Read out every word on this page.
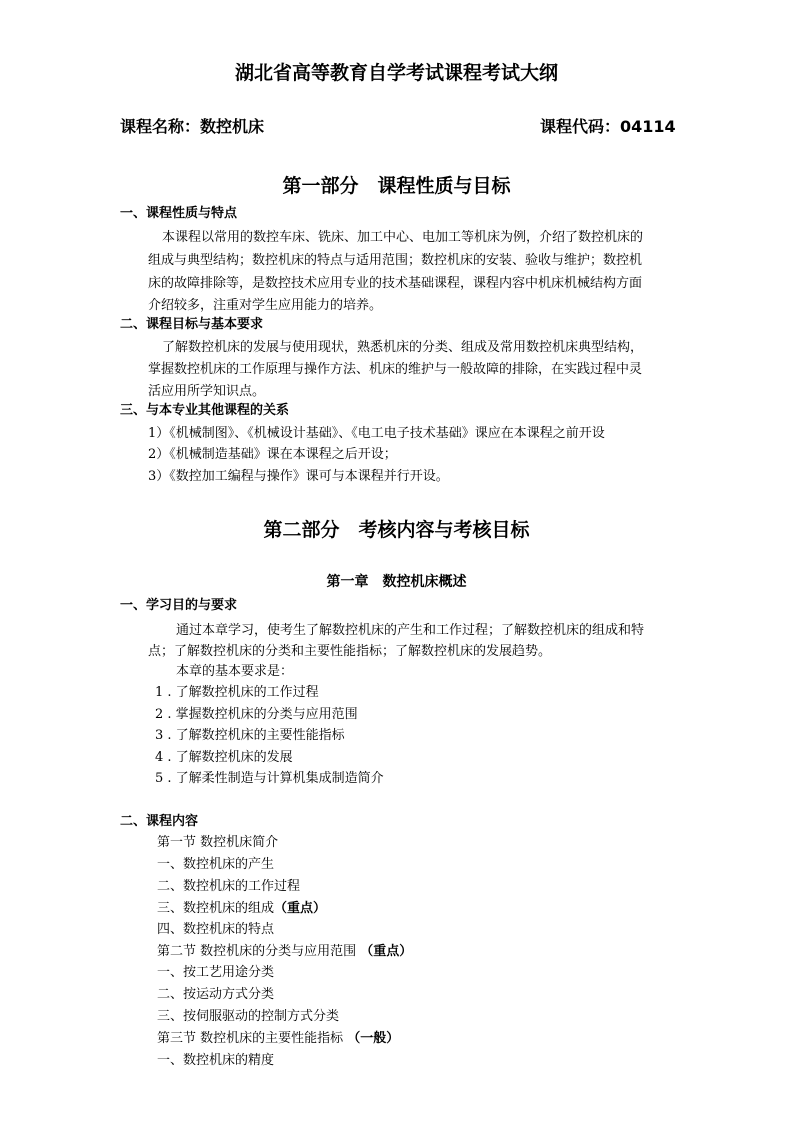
湖北省高等教育自学考试课程考试大纲
课程名称：数控机床	课程代码：04114
第一部分　课程性质与目标
一、课程性质与特点
本课程以常用的数控车床、铣床、加工中心、电加工等机床为例，介绍了数控机床的
组成与典型结构；数控机床的特点与适用范围；数控机床的安装、验收与维护；数控机
床的故障排除等，是数控技术应用专业的技术基础课程，课程内容中机床机械结构方面
介绍较多，注重对学生应用能力的培养。
二、课程目标与基本要求
了解数控机床的发展与使用现状，熟悉机床的分类、组成及常用数控机床典型结构，
掌握数控机床的工作原理与操作方法、机床的维护与一般故障的排除，在实践过程中灵
活应用所学知识点。
三、与本专业其他课程的关系
1）《机械制图》、《机械设计基础》、《电工电子技术基础》课应在本课程之前开设
2）《机械制造基础》课在本课程之后开设；
3）《数控加工编程与操作》课可与本课程并行开设。
第二部分　考核内容与考核目标
第一章　数控机床概述
一、学习目的与要求
通过本章学习，使考生了解数控机床的产生和工作过程；了解数控机床的组成和特
点；了解数控机床的分类和主要性能指标；了解数控机床的发展趋势。
本章的基本要求是：
1 . 了解数控机床的工作过程
2 . 掌握数控机床的分类与应用范围
3 . 了解数控机床的主要性能指标
4 . 了解数控机床的发展
5 . 了解柔性制造与计算机集成制造简介
二、课程内容
第一节 数控机床简介
一、数控机床的产生
二、数控机床的工作过程
三、数控机床的组成（重点）
四、数控机床的特点
第二节 数控机床的分类与应用范围 （重点）
一、按工艺用途分类
二、按运动方式分类
三、按伺服驱动的控制方式分类
第三节 数控机床的主要性能指标 （一般）
一、数控机床的精度
